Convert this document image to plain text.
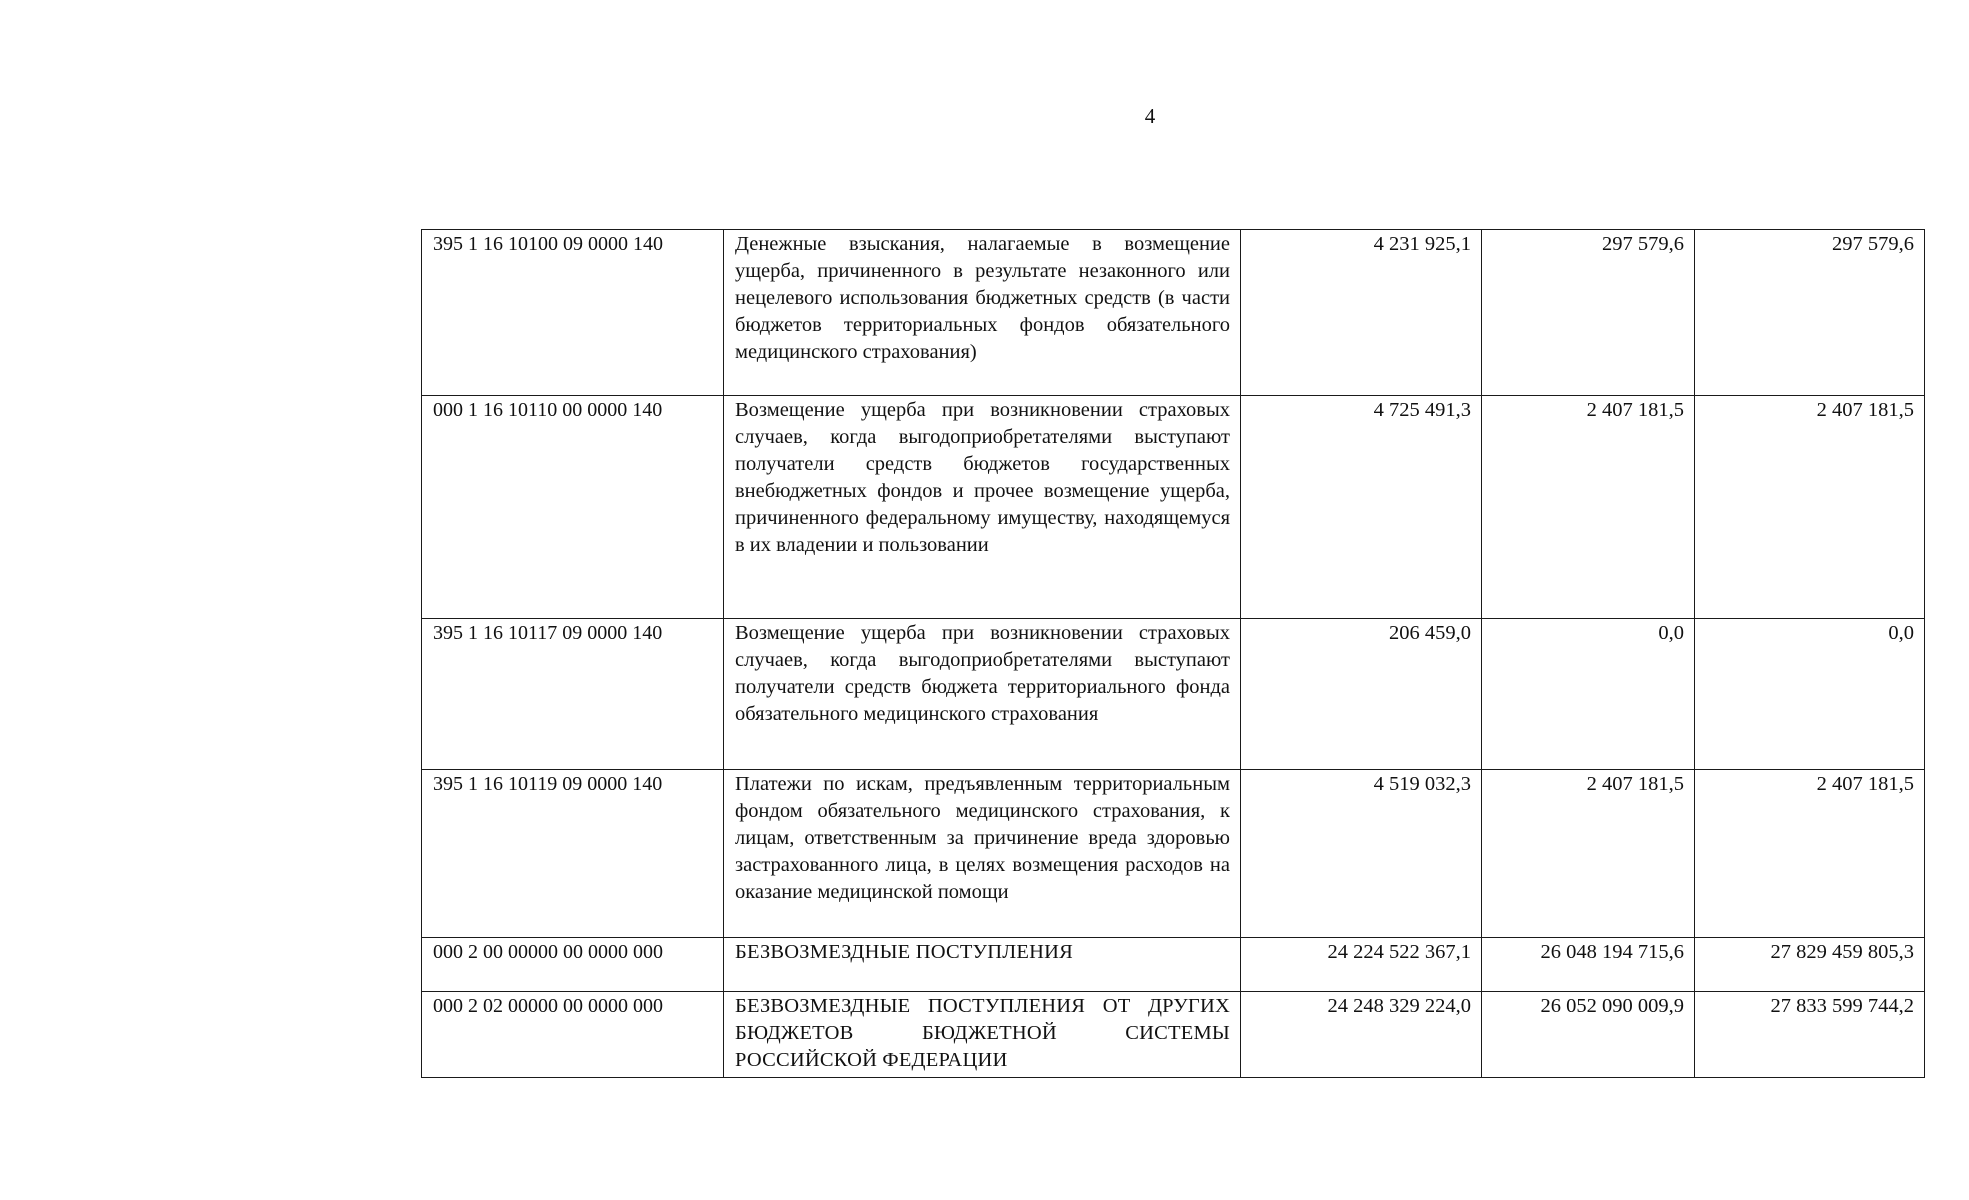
4
395 1 16 10100 09 0000 140	Денежные взыскания, налагаемые в возмещение ущерба, причиненного в результате незаконного или нецелевого использования бюджетных средств (в части бюджетов территориальных фондов обязательного медицинского страхования)	4 231 925,1	297 579,6	297 579,6
000 1 16 10110 00 0000 140	Возмещение ущерба при возникновении страховых случаев, когда выгодоприобретателями выступают получатели средств бюджетов государственных внебюджетных фондов и прочее возмещение ущерба, причиненного федеральному имуществу, находящемуся в их владении и пользовании	4 725 491,3	2 407 181,5	2 407 181,5
395 1 16 10117 09 0000 140	Возмещение ущерба при возникновении страховых случаев, когда выгодоприобретателями выступают получатели средств бюджета территориального фонда обязательного медицинского страхования	206 459,0	0,0	0,0
395 1 16 10119 09 0000 140	Платежи по искам, предъявленным территориальным фондом обязательного медицинского страхования, к лицам, ответственным за причинение вреда здоровью застрахованного лица, в целях возмещения расходов на оказание медицинской помощи	4 519 032,3	2 407 181,5	2 407 181,5
000 2 00 00000 00 0000 000	БЕЗВОЗМЕЗДНЫЕ ПОСТУПЛЕНИЯ	24 224 522 367,1	26 048 194 715,6	27 829 459 805,3
000 2 02 00000 00 0000 000	БЕЗВОЗМЕЗДНЫЕ ПОСТУПЛЕНИЯ ОТ ДРУГИХ БЮДЖЕТОВ БЮДЖЕТНОЙ СИСТЕМЫ РОССИЙСКОЙ ФЕДЕРАЦИИ	24 248 329 224,0	26 052 090 009,9	27 833 599 744,2
